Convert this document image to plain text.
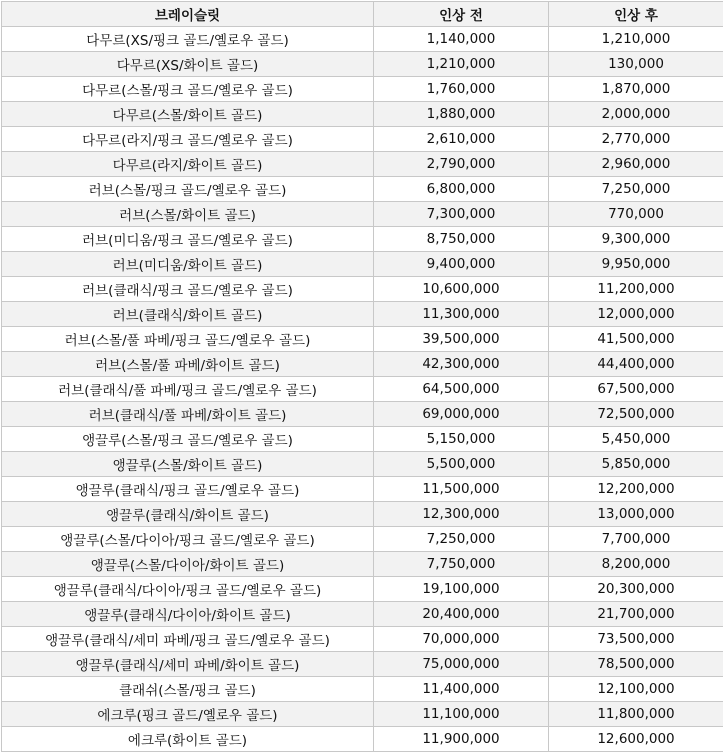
브레이슬릿	인상 전	인상 후
다무르(XS/핑크 골드/옐로우 골드)	1,140,000	1,210,000
다무르(XS/화이트 골드)	1,210,000	130,000
다무르(스몰/핑크 골드/옐로우 골드)	1,760,000	1,870,000
다무르(스몰/화이트 골드)	1,880,000	2,000,000
다무르(라지/핑크 골드/옐로우 골드)	2,610,000	2,770,000
다무르(라지/화이트 골드)	2,790,000	2,960,000
러브(스몰/핑크 골드/옐로우 골드)	6,800,000	7,250,000
러브(스몰/화이트 골드)	7,300,000	770,000
러브(미디움/핑크 골드/옐로우 골드)	8,750,000	9,300,000
러브(미디움/화이트 골드)	9,400,000	9,950,000
러브(클래식/핑크 골드/옐로우 골드)	10,600,000	11,200,000
러브(클래식/화이트 골드)	11,300,000	12,000,000
러브(스몰/풀 파베/핑크 골드/옐로우 골드)	39,500,000	41,500,000
러브(스몰/풀 파베/화이트 골드)	42,300,000	44,400,000
러브(클래식/풀 파베/핑크 골드/옐로우 골드)	64,500,000	67,500,000
러브(클래식/풀 파베/화이트 골드)	69,000,000	72,500,000
앵끌루(스몰/핑크 골드/옐로우 골드)	5,150,000	5,450,000
앵끌루(스몰/화이트 골드)	5,500,000	5,850,000
앵끌루(클래식/핑크 골드/옐로우 골드)	11,500,000	12,200,000
앵끌루(클래식/화이트 골드)	12,300,000	13,000,000
앵끌루(스몰/다이아/핑크 골드/옐로우 골드)	7,250,000	7,700,000
앵끌루(스몰/다이아/화이트 골드)	7,750,000	8,200,000
앵끌루(클래식/다이아/핑크 골드/옐로우 골드)	19,100,000	20,300,000
앵끌루(클래식/다이아/화이트 골드)	20,400,000	21,700,000
앵끌루(클래식/세미 파베/핑크 골드/옐로우 골드)	70,000,000	73,500,000
앵끌루(클래식/세미 파베/화이트 골드)	75,000,000	78,500,000
클래쉬(스몰/핑크 골드)	11,400,000	12,100,000
에크루(핑크 골드/옐로우 골드)	11,100,000	11,800,000
에크루(화이트 골드)	11,900,000	12,600,000
